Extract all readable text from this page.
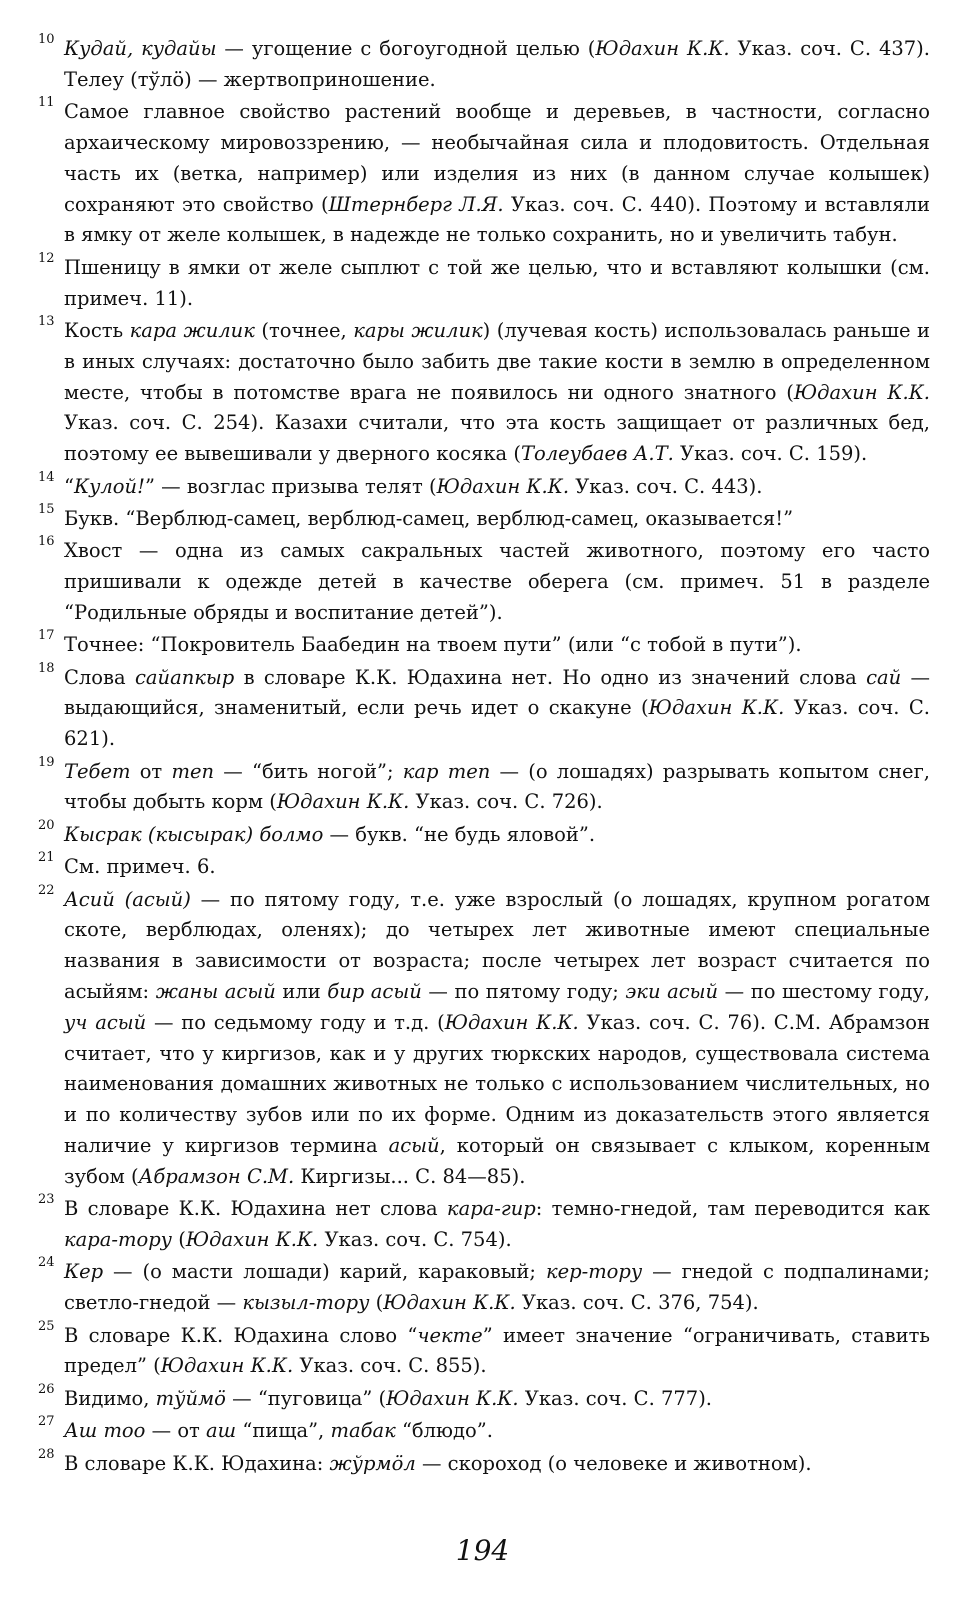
10 Кудай, кудайы — угощение с богоугодной целью (Юдахин К.К. Указ. соч. С. 437). Телеу (тўлö) — жертвоприношение.
11 Самое главное свойство растений вообще и деревьев, в частности, согласно архаическому мировоззрению, — необычайная сила и плодовитость. Отдельная часть их (ветка, например) или изделия из них (в данном случае колышек) сохраняют это свойство (Штернберг Л.Я. Указ. соч. С. 440). Поэтому и вставляли в ямку от желе колышек, в надежде не только сохранить, но и увеличить табун.
12 Пшеницу в ямки от желе сыплют с той же целью, что и вставляют колышки (см. примеч. 11).
13 Кость кара жилик (точнее, кары жилик) (лучевая кость) использовалась раньше и в иных случаях: достаточно было забить две такие кости в землю в определенном месте, чтобы в потомстве врага не появилось ни одного знатного (Юдахин К.К. Указ. соч. С. 254). Казахи считали, что эта кость защищает от различных бед, поэтому ее вывешивали у дверного косяка (Толеубаев А.Т. Указ. соч. С. 159).
14 “Кулой!” — возглас призыва телят (Юдахин К.К. Указ. соч. С. 443).
15 Букв. “Верблюд-самец, верблюд-самец, верблюд-самец, оказывается!”
16 Хвост — одна из самых сакральных частей животного, поэтому его часто пришивали к одежде детей в качестве оберега (см. примеч. 51 в разделе “Родильные обряды и воспитание детей”).
17 Точнее: “Покровитель Баабедин на твоем пути” (или “с тобой в пути”).
18 Слова сайапкыр в словаре К.К. Юдахина нет. Но одно из значений слова сай — выдающийся, знаменитый, если речь идет о скакуне (Юдахин К.К. Указ. соч. С. 621).
19 Тебет от теп — “бить ногой”; кар теп — (о лошадях) разрывать копытом снег, чтобы добыть корм (Юдахин К.К. Указ. соч. С. 726).
20 Кысрак (кысырак) болмо — букв. “не будь яловой”.
21 См. примеч. 6.
22 Асий (асый) — по пятому году, т.е. уже взрослый (о лошадях, крупном рогатом скоте, верблюдах, оленях); до четырех лет животные имеют специальные названия в зависимости от возраста; после четырех лет возраст считается по асыйям: жаны асый или бир асый — по пятому году; эки асый — по шестому году, уч асый — по седьмому году и т.д. (Юдахин К.К. Указ. соч. С. 76). С.М. Абрамзон считает, что у киргизов, как и у других тюркских народов, существовала система наименования домашних животных не только с использованием числительных, но и по количеству зубов или по их форме. Одним из доказательств этого является наличие у киргизов термина асый, который он связывает с клыком, коренным зубом (Абрамзон С.М. Киргизы... С. 84—85).
23 В словаре К.К. Юдахина нет слова кара-гир: темно-гнедой, там переводится как кара-тору (Юдахин К.К. Указ. соч. С. 754).
24 Кер — (о масти лошади) карий, караковый; кер-тору — гнедой с подпалинами; светло-гнедой — кызыл-тору (Юдахин К.К. Указ. соч. С. 376, 754).
25 В словаре К.К. Юдахина слово “чекте” имеет значение “ограничивать, ставить предел” (Юдахин К.К. Указ. соч. С. 855).
26 Видимо, тўймö — “пуговица” (Юдахин К.К. Указ. соч. С. 777).
27 Аш тоо — от аш “пища”, табак “блюдо”.
28 В словаре К.К. Юдахина: жўрмöл — скороход (о человеке и животном).
194
